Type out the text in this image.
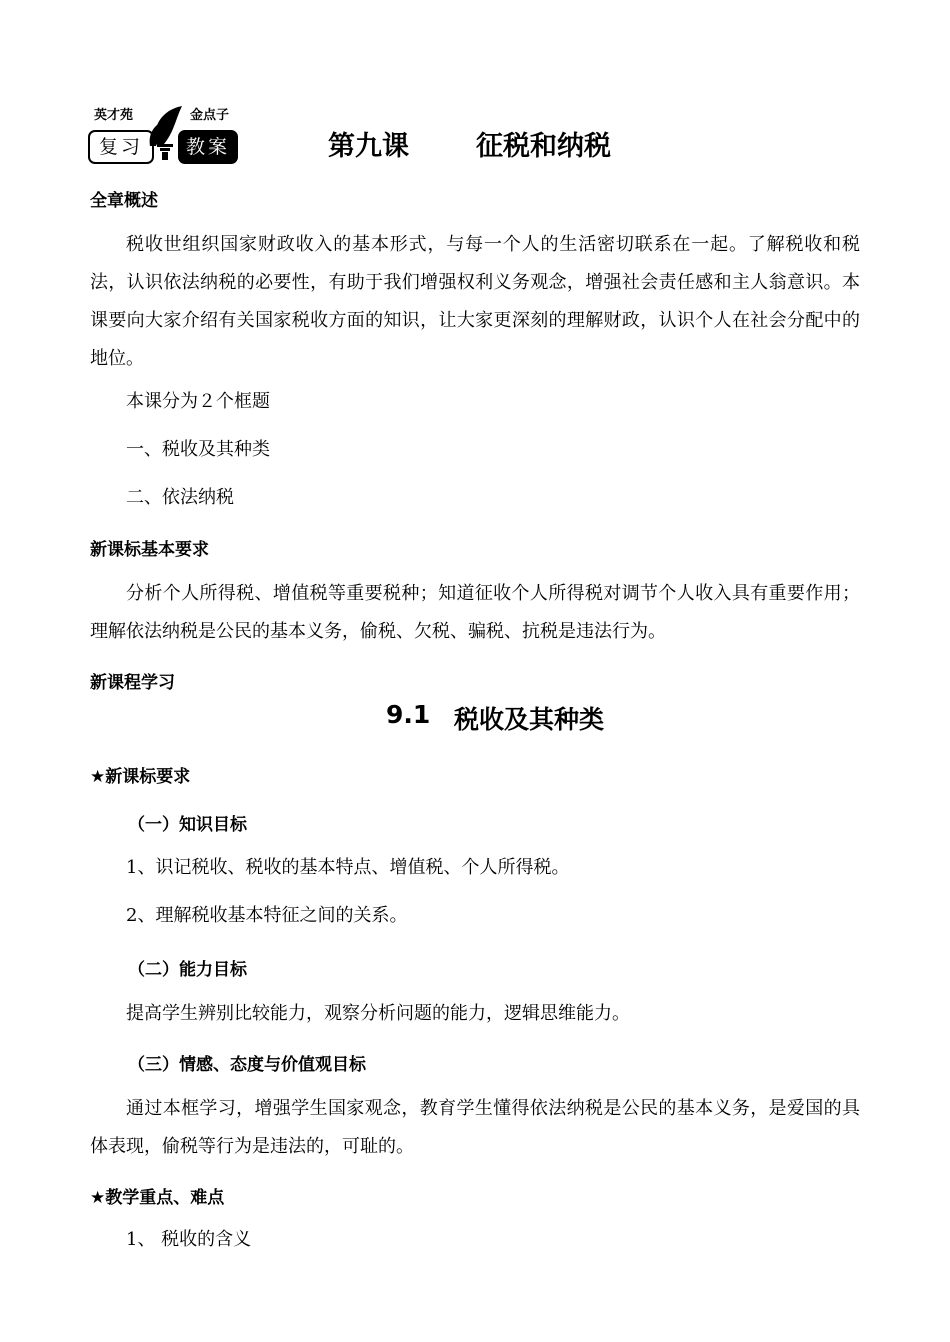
英才苑	金点子
复习	教案	第九课 征税和纳税
全章概述
税收世组织国家财政收入的基本形式，与每一个人的生活密切联系在一起。了解税收和税法，认识依法纳税的必要性，有助于我们增强权利义务观念，增强社会责任感和主人翁意识。本课要向大家介绍有关国家税收方面的知识，让大家更深刻的理解财政，认识个人在社会分配中的地位。
本课分为２个框题
一、税收及其种类
二、依法纳税
新课标基本要求
分析个人所得税、增值税等重要税种；知道征收个人所得税对调节个人收入具有重要作用；理解依法纳税是公民的基本义务，偷税、欠税、骗税、抗税是违法行为。
新课程学习
9.1 税收及其种类
★新课标要求
（一）知识目标
1、识记税收、税收的基本特点、增值税、个人所得税。
2、理解税收基本特征之间的关系。
（二）能力目标
提高学生辨别比较能力，观察分析问题的能力，逻辑思维能力。
（三）情感、态度与价值观目标
通过本框学习，增强学生国家观念，教育学生懂得依法纳税是公民的基本义务，是爱国的具体表现，偷税等行为是违法的，可耻的。
★教学重点、难点
1、 税收的含义
